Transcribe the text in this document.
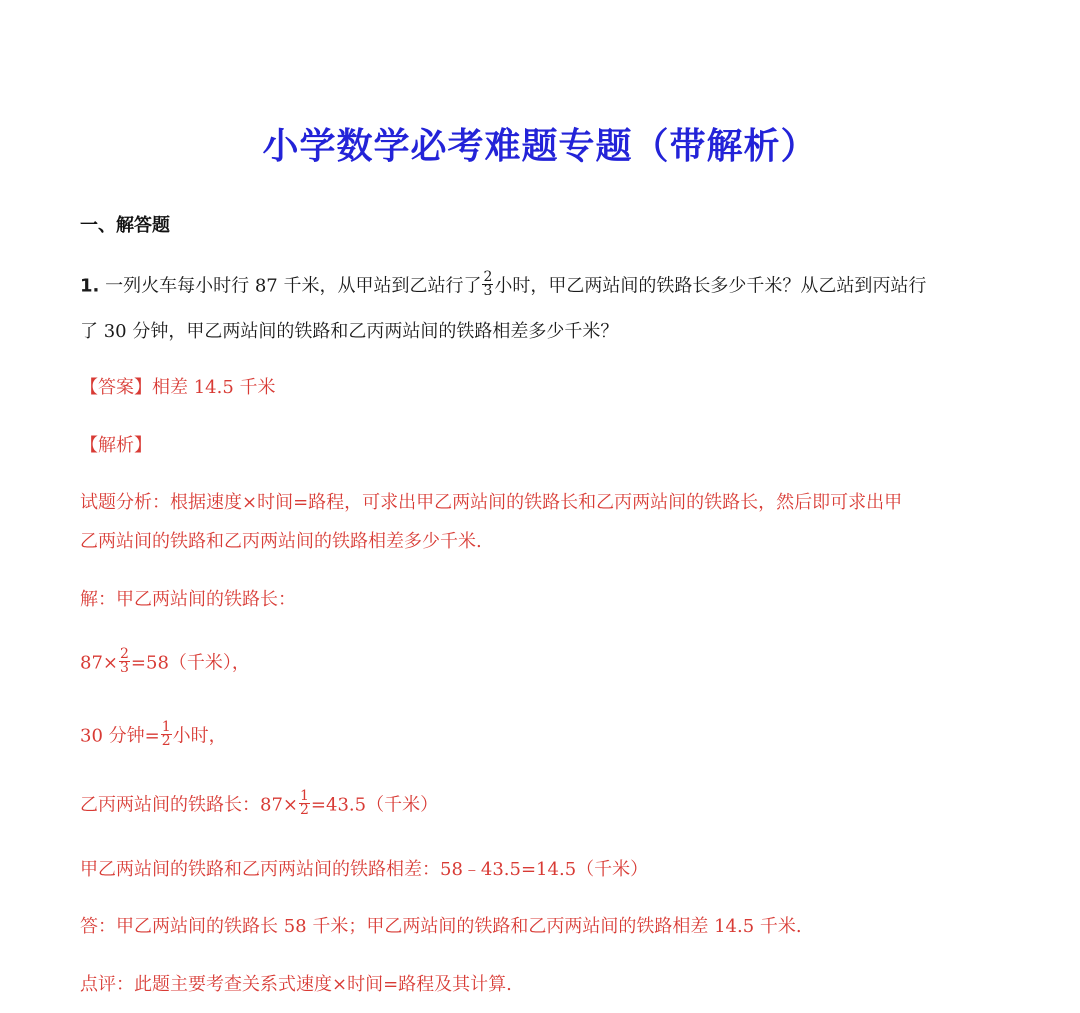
小学数学必考难题专题（带解析）
一、解答题
1. 一列火车每小时行 87 千米，从甲站到乙站行了 $\frac{2}{3}$ 小时，甲乙两站间的铁路长多少千米？从乙站到丙站行
了 30 分钟，甲乙两站间的铁路和乙丙两站间的铁路相差多少千米？
【答案】相差 14.5 千米
【解析】
试题分析：根据速度×时间=路程，可求出甲乙两站间的铁路长和乙丙两站间的铁路长，然后即可求出甲
乙两站间的铁路和乙丙两站间的铁路相差多少千米.
解：甲乙两站间的铁路长：
$87\times \frac{2}{3} =58$（千米），
30 分钟= $\frac{1}{2}$ 小时，
乙丙两站间的铁路长：$87\times \frac{1}{2} =43.5$（千米）
甲乙两站间的铁路和乙丙两站间的铁路相差：58﹣43.5=14.5（千米）
答：甲乙两站间的铁路长 58 千米；甲乙两站间的铁路和乙丙两站间的铁路相差 14.5 千米.
点评：此题主要考查关系式速度×时间=路程及其计算.
